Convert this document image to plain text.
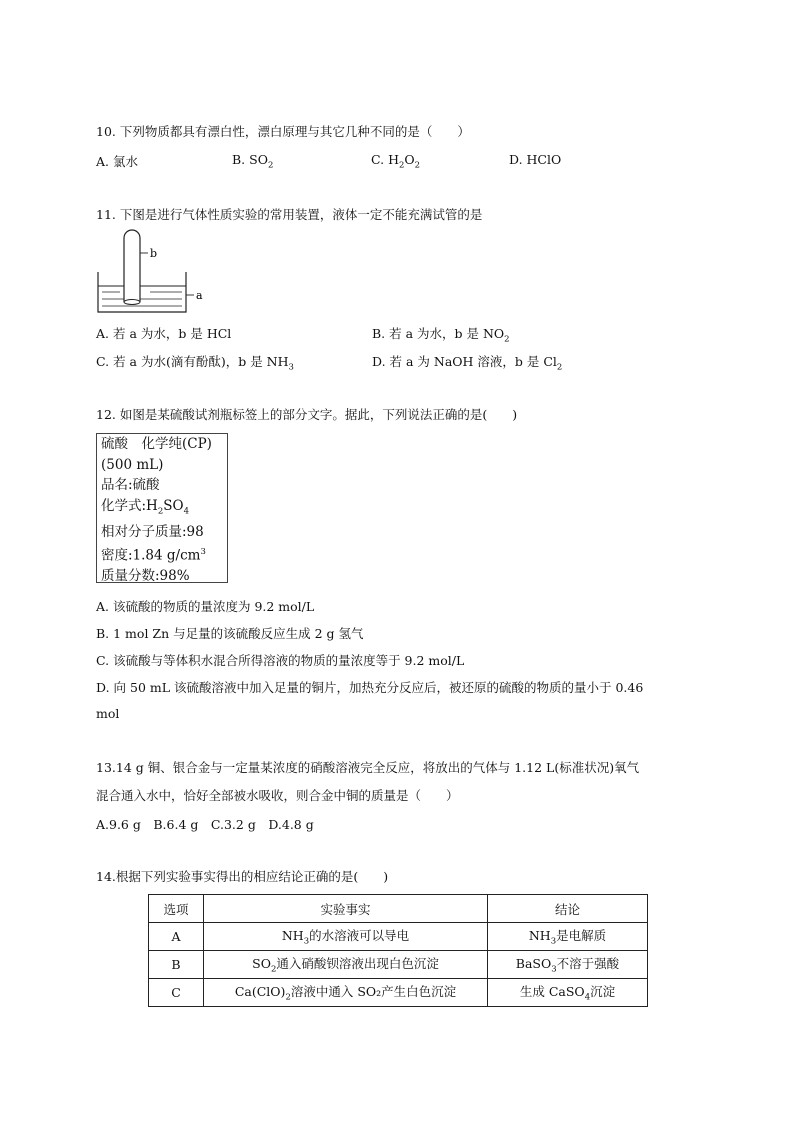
10. 下列物质都具有漂白性，漂白原理与其它几种不同的是（　　）
A. 氯水	B. $SO_2$	C. $H_2O_2$	D. HClO
11. 下图是进行气体性质实验的常用装置，液体一定不能充满试管的是
b
a
A. 若 a 为水，b 是 HCl	B. 若 a 为水，b 是 $NO_2$
C. 若 a 为水(滴有酚酞)，b 是 $NH_3$	D. 若 a 为 NaOH 溶液，b 是 $Cl_2$
12. 如图是某硫酸试剂瓶标签上的部分文字。据此，下列说法正确的是(　　)
硫酸　化学纯(CP)
(500 mL)
品名:硫酸
化学式$:H_2SO_4$
相对分子质量:98
密度:1.84 $g/cm^3$
质量分数:98%
A. 该硫酸的物质的量浓度为 9.2 mol/L
B. 1 mol Zn 与足量的该硫酸反应生成 2 g 氢气
C. 该硫酸与等体积水混合所得溶液的物质的量浓度等于 9.2 mol/L
D. 向 50 mL 该硫酸溶液中加入足量的铜片，加热充分反应后，被还原的硫酸的物质的量小于 0.46
mol
13.14 g 铜、银合金与一定量某浓度的硝酸溶液完全反应，将放出的气体与 1.12 L(标准状况)氧气
混合通入水中，恰好全部被水吸收，则合金中铜的质量是（　　）
A.9.6 g　B.6.4 g　C.3.2 g　D.4.8 g
14.根据下列实验事实得出的相应结论正确的是(　　)
选项	实验事实	结论
A	$NH_3$的水溶液可以导电	$NH_3$是电解质
B	$SO_2$通入硝酸钡溶液出现白色沉淀	BaSO$_3$不溶于强酸
C	$Ca(ClO)_2$溶液中通入 SO₂产生白色沉淀	生成 CaSO$_4$沉淀
